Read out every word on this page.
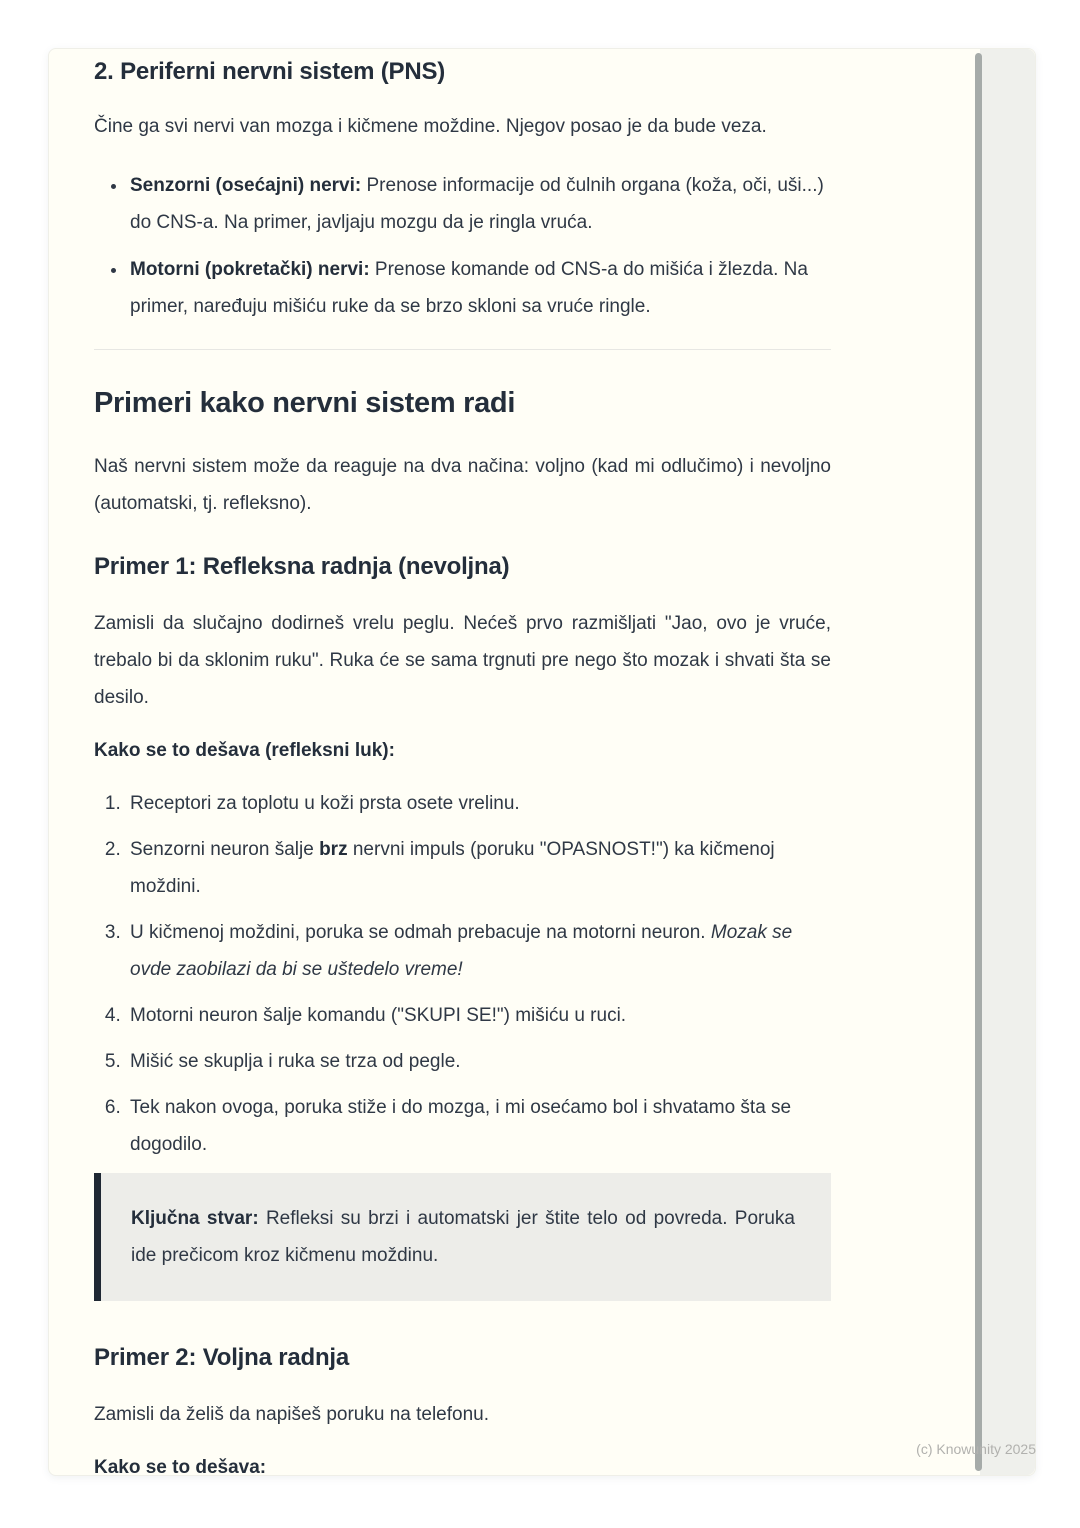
2. Periferni nervni sistem (PNS)

Čine ga svi nervi van mozga i kičmene moždine. Njegov posao je da bude veza.

• Senzorni (osećajni) nervi: Prenose informacije od čulnih organa (koža, oči, uši...) do CNS-a. Na primer, javljaju mozgu da je ringla vruća.
• Motorni (pokretački) nervi: Prenose komande od CNS-a do mišića i žlezda. Na primer, naređuju mišiću ruke da se brzo skloni sa vruće ringle.
Primeri kako nervni sistem radi

Naš nervni sistem može da reaguje na dva načina: voljno (kad mi odlučimo) i nevoljno (automatski, tj. refleksno).

Primer 1: Refleksna radnja (nevoljna)

Zamisli da slučajno dodirneš vrelu peglu. Nećeš prvo razmišljati "Jao, ovo je vruće, trebalo bi da sklonim ruku". Ruka će se sama trgnuti pre nego što mozak i shvati šta se desilo.

Kako se to dešava (refleksni luk):

1. Receptori za toplotu u koži prsta osete vrelinu.
2. Senzorni neuron šalje brz nervni impuls (poruku "OPASNOST!") ka kičmenoj moždini.
3. U kičmenoj moždini, poruka se odmah prebacuje na motorni neuron. Mozak se ovde zaobilazi da bi se uštedelo vreme!
4. Motorni neuron šalje komandu ("SKUPI SE!") mišiću u ruci.
5. Mišić se skuplja i ruka se trza od pegle.
6. Tek nakon ovoga, poruka stiže i do mozga, i mi osećamo bol i shvatamo šta se dogodilo.
Ključna stvar: Refleksi su brzi i automatski jer štite telo od povreda. Poruka ide prečicom kroz kičmenu moždinu.
Primer 2: Voljna radnja

Zamisli da želiš da napišeš poruku na telefonu.

Kako se to dešava:

(c) Knowunity 2025
